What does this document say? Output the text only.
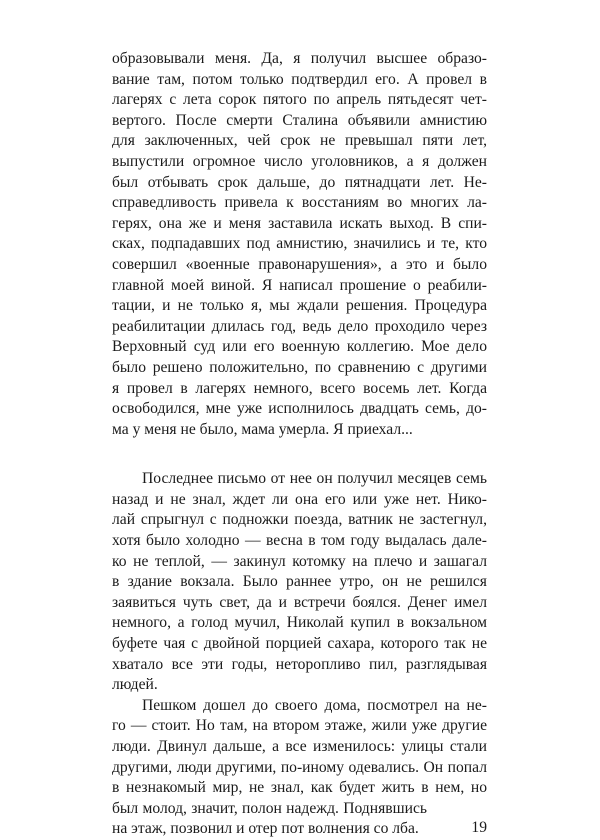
образовывали меня. Да, я получил высшее образо-
вание там, потом только подтвердил его. А провел в
лагерях с лета сорок пятого по апрель пятьдесят чет-
вертого. После смерти Сталина объявили амнистию
для заключенных, чей срок не превышал пяти лет,
выпустили огромное число уголовников, а я должен
был отбывать срок дальше, до пятнадцати лет. Не-
справедливость привела к восстаниям во многих ла-
герях, она же и меня заставила искать выход. В спи-
сках, подпадавших под амнистию, значились и те, кто
совершил «военные правонарушения», а это и было
главной моей виной. Я написал прошение о реабили-
тации, и не только я, мы ждали решения. Процедура
реабилитации длилась год, ведь дело проходило через
Верховный суд или его военную коллегию. Мое дело
было решено положительно, по сравнению с другими
я провел в лагерях немного, всего восемь лет. Когда
освободился, мне уже исполнилось двадцать семь, до-
ма у меня не было, мама умерла. Я приехал...
Последнее письмо от нее он получил месяцев семь
назад и не знал, ждет ли она его или уже нет. Нико-
лай спрыгнул с подножки поезда, ватник не застегнул,
хотя было холодно — весна в том году выдалась дале-
ко не теплой, — закинул котомку на плечо и зашагал
в здание вокзала. Было раннее утро, он не решился
заявиться чуть свет, да и встречи боялся. Денег имел
немного, а голод мучил, Николай купил в вокзальном
буфете чая с двойной порцией сахара, которого так не
хватало все эти годы, неторопливо пил, разглядывая
людей.
Пешком дошел до своего дома, посмотрел на не-
го — стоит. Но там, на втором этаже, жили уже другие
люди. Двинул дальше, а все изменилось: улицы стали
другими, люди другими, по-иному одевались. Он попал
в незнакомый мир, не знал, как будет жить в нем, но
был молод, значит, полон надежд. Поднявшись
на этаж, позвонил и отер пот волнения со лба.	19
